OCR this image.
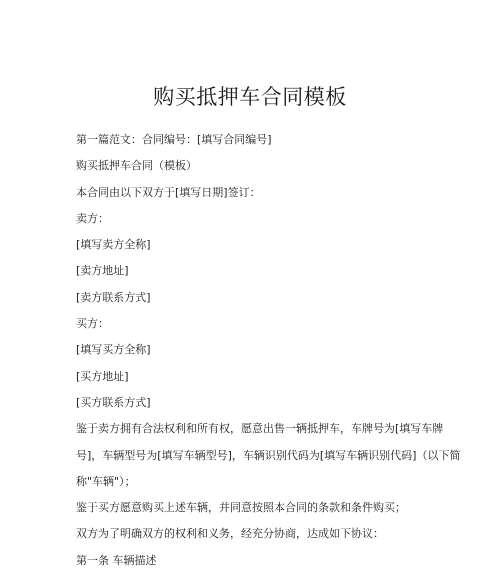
购买抵押车合同模板
第一篇范文：合同编号：[填写合同编号]
购买抵押车合同（模板）
本合同由以下双方于[填写日期]签订：
卖方：
[填写卖方全称]
[卖方地址]
[卖方联系方式]
买方：
[填写买方全称]
[买方地址]
[买方联系方式]
鉴于卖方拥有合法权利和所有权，愿意出售一辆抵押车，车牌号为[填写车牌
号]，车辆型号为[填写车辆型号]，车辆识别代码为[填写车辆识别代码]（以下简
称"车辆"）；
鉴于买方愿意购买上述车辆，并同意按照本合同的条款和条件购买；
双方为了明确双方的权利和义务，经充分协商，达成如下协议：
第一条 车辆描述
